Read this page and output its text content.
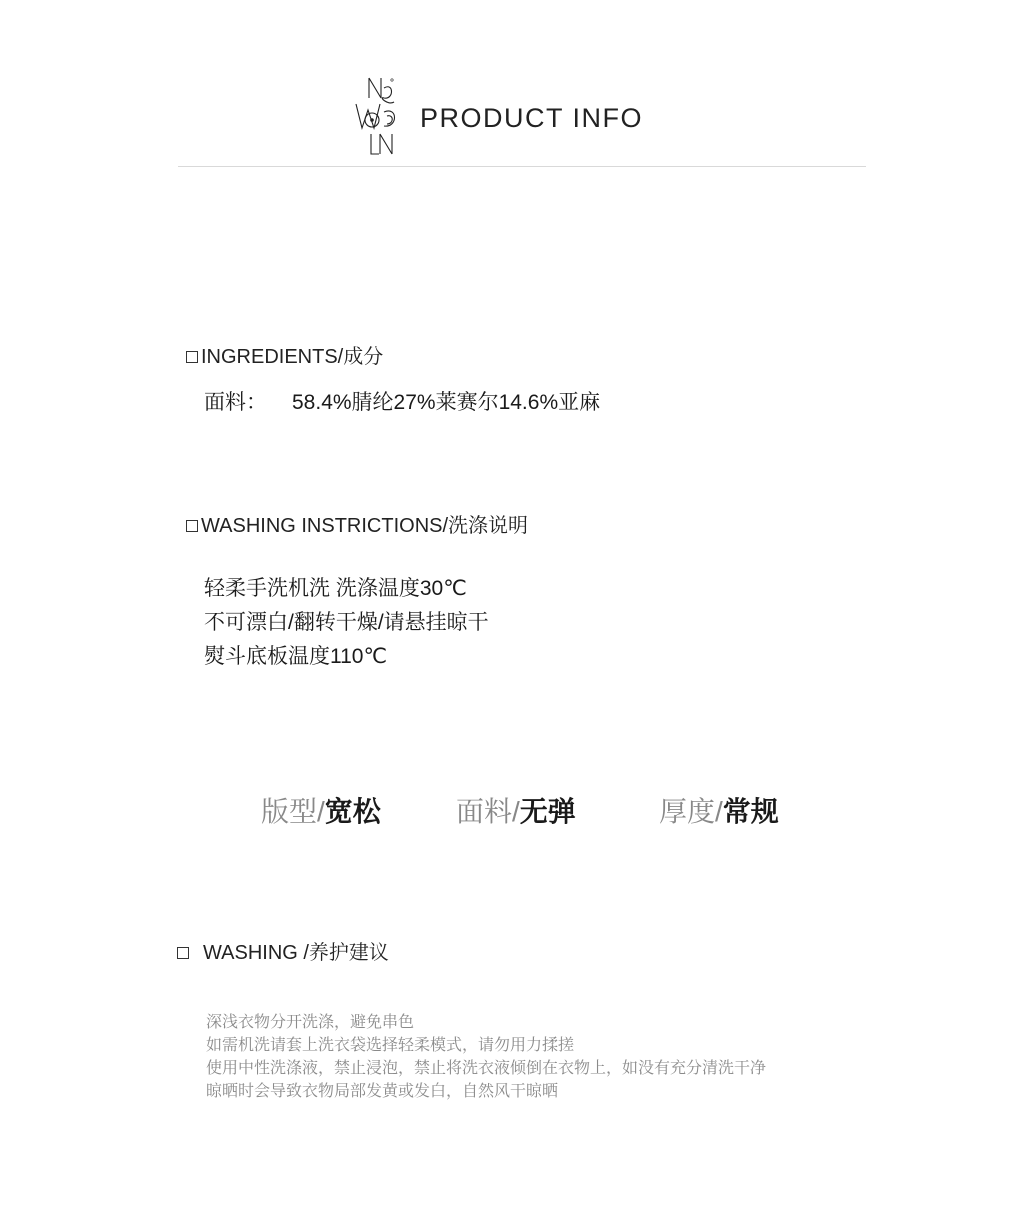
PRODUCT INFO
INGREDIENTS/成分
面料： 58.4%腈纶27%莱赛尔14.6%亚麻
WASHING INSTRICTIONS/洗涤说明
轻柔手洗机洗 洗涤温度30℃
不可漂白/翻转干燥/请悬挂晾干
熨斗底板温度110℃
版型/宽松	面料/无弹	厚度/常规
WASHING /养护建议
深浅衣物分开洗涤，避免串色
如需机洗请套上洗衣袋选择轻柔模式，请勿用力揉搓
使用中性洗涤液，禁止浸泡，禁止将洗衣液倾倒在衣物上，如没有充分清洗干净
晾晒时会导致衣物局部发黄或发白，自然风干晾晒
